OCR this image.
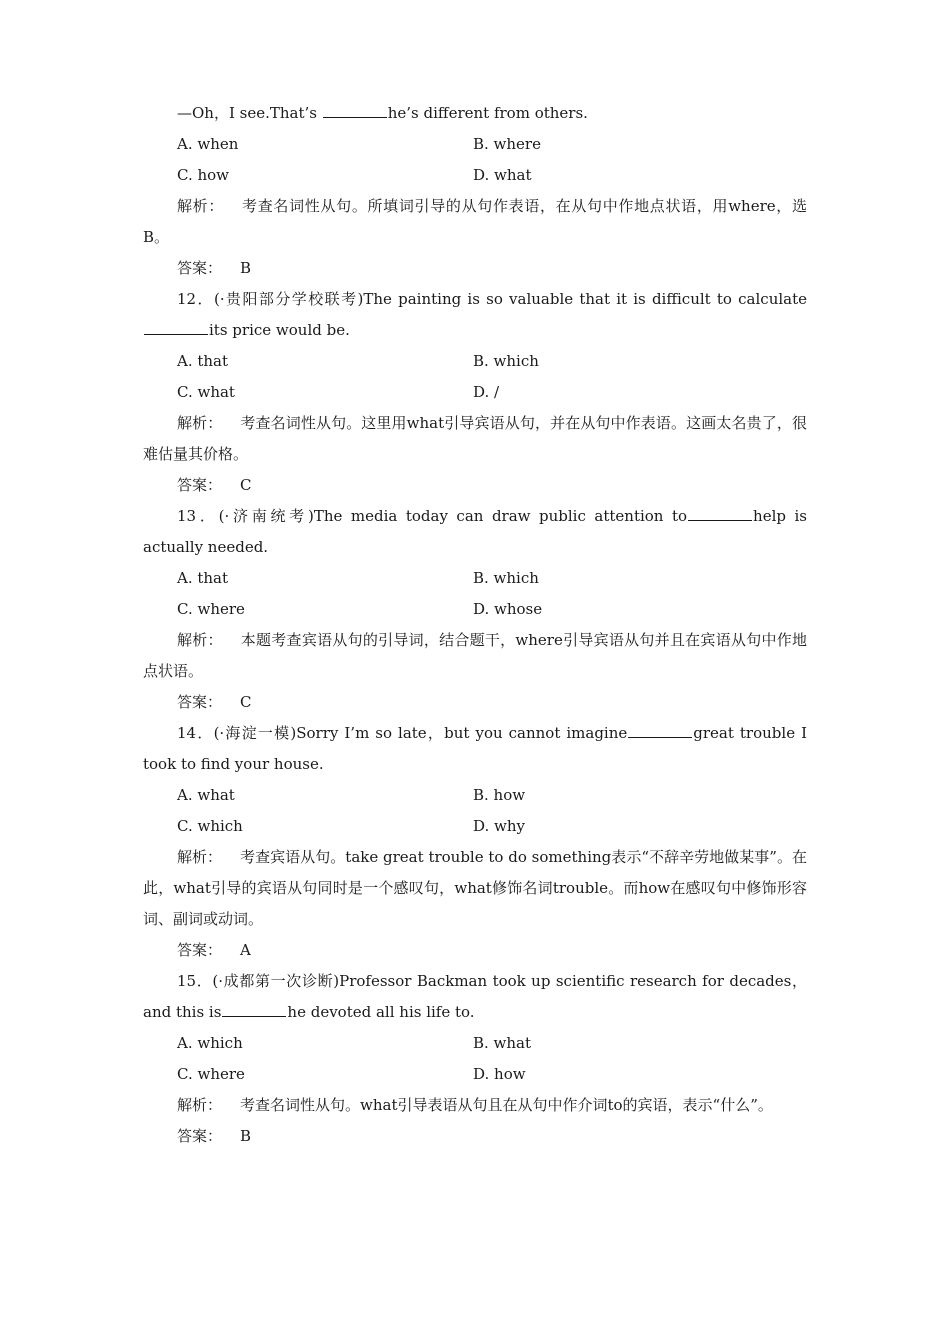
—Oh，I see.That’s	he’s different from others.
A. when	B. where
C. how	D. what
解析： 考查名词性从句。所填词引导的从句作表语，在从句中作地点状语，用where，选B。
答案： B
12．(·贵阳部分学校联考)The painting is so valuable that it is difficult to calculateits price would be.
A. that	B. which
C. what	D. /
解析： 考查名词性从句。这里用what引导宾语从句，并在从句中作表语。这画太名贵了，很难估量其价格。
答案： C
13．(·济南统考)The media today can draw public attention to	help is actually needed.
A. that	B. which
C. where	D. whose
解析： 本题考查宾语从句的引导词，结合题干，where引导宾语从句并且在宾语从句中作地点状语。
答案： C
14．(·海淀一模)Sorry I’m so late，but you cannot imagine	great trouble I took to find your house.
A. what	B. how
C. which	D. why
解析： 考查宾语从句。take great trouble to do something表示“不辞辛劳地做某事”。在此，what引导的宾语从句同时是一个感叹句，what修饰名词trouble。而how在感叹句中修饰形容词、副词或动词。
答案： A
15．(·成都第一次诊断)Professor Backman took up scientific research for decades，and this is	he devoted all his life to.
A. which	B. what
C. where	D. how
解析： 考查名词性从句。what引导表语从句且在从句中作介词to的宾语，表示“什么”。
答案： B
